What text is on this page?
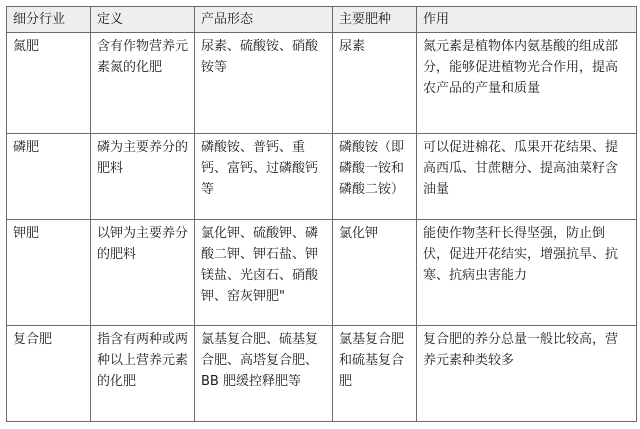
细分行业	定义	产品形态	主要肥种	作用
氮肥	含有作物营养元素氮的化肥	尿素、硫酸铵、硝酸铵等	尿素	氮元素是植物体内氨基酸的组成部分，能够促进植物光合作用，提高农产品的产量和质量
磷肥	磷为主要养分的肥料	磷酸铵、普钙、重钙、富钙、过磷酸钙等	磷酸铵（即磷酸一铵和磷酸二铵）	可以促进棉花、瓜果开花结果、提高西瓜、甘蔗糖分、提高油菜籽含油量
钾肥	以钾为主要养分的肥料	氯化钾、硫酸钾、磷酸二钾、钾石盐、钾镁盐、光卤石、硝酸钾、窑灰钾肥"	氯化钾	能使作物茎秆长得坚强，防止倒伏，促进开花结实，增强抗旱、抗寒、抗病虫害能力
复合肥	指含有两种或两种以上营养元素的化肥	氯基复合肥、硫基复合肥、高塔复合肥、BB 肥缓控释肥等	氯基复合肥和硫基复合肥	复合肥的养分总量一般比较高，营养元素种类较多
